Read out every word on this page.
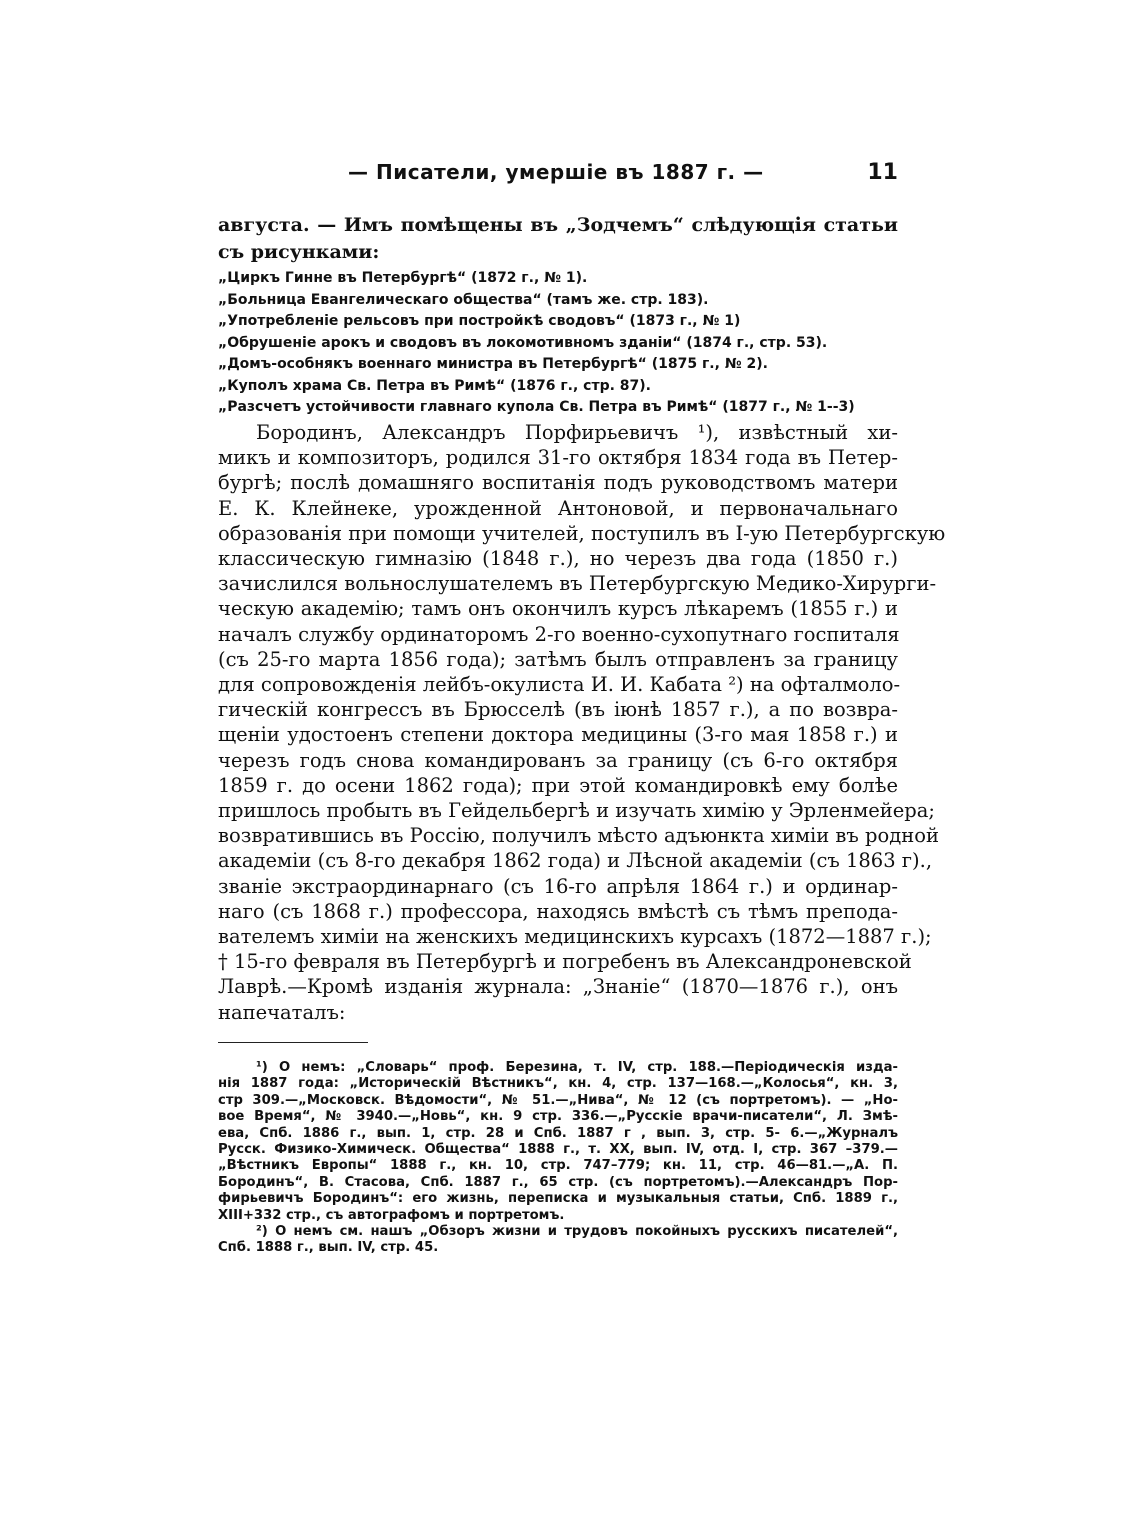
— Писатели, умершіе въ 1887 г. —	11

августа. — Имъ помѣщены въ „Зодчемъ“ слѣдующія статьи съ рисунками:

„Циркъ Гинне въ Петербургѣ“ (1872 г., № 1).
„Больница Евангелическаго общества“ (тамъ же. стр. 183).
„Употребленіе рельсовъ при постройкѣ сводовъ“ (1873 г., № 1)
„Обрушеніе арокъ и сводовъ въ локомотивномъ зданіи“ (1874 г., стр. 53).
„Домъ-особнякъ военнаго министра въ Петербургѣ“ (1875 г., № 2).
„Куполъ храма Св. Петра въ Римѣ“ (1876 г., стр. 87).
„Разсчетъ устойчивости главнаго купола Св. Петра въ Римѣ“ (1877 г., № 1--3)
Бородинъ, Александръ Порфирьевичъ ¹), извѣстный хи-
микъ и композиторъ, родился 31-го октября 1834 года въ Петер-
бургѣ; послѣ домашняго воспитанія подъ руководствомъ матери
Е. К. Клейнеке, урожденной Антоновой, и первоначальнаго
образованія при помощи учителей, поступилъ въ I-ую Петербургскую
классическую гимназію (1848 г.), но черезъ два года (1850 г.)
зачислился вольнослушателемъ въ Петербургскую Медико-Хирурги-
ческую академію; тамъ онъ окончилъ курсъ лѣкаремъ (1855 г.) и
началъ службу ординаторомъ 2-го военно-сухопутнаго госпиталя
(съ 25-го марта 1856 года); затѣмъ былъ отправленъ за границу
для сопровожденія лейбъ-окулиста И. И. Кабата ²) на офталмоло-
гическій конгрессъ въ Брюсселѣ (въ іюнѣ 1857 г.), а по возвра-
щеніи удостоенъ степени доктора медицины (3-го мая 1858 г.) и
черезъ годъ снова командированъ за границу (съ 6-го октября
1859 г. до осени 1862 года); при этой командировкѣ ему болѣе
пришлось пробыть въ Гейдельбергѣ и изучать химію у Эрленмейера;
возвратившись въ Россію, получилъ мѣсто адъюнкта химіи въ родной
академіи (съ 8-го декабря 1862 года) и Лѣсной академіи (съ 1863 г).,
званіе экстраординарнаго (съ 16-го апрѣля 1864 г.) и ординар-
наго (съ 1868 г.) профессора, находясь вмѣстѣ съ тѣмъ препода-
вателемъ химіи на женскихъ медицинскихъ курсахъ (1872—1887 г.);
† 15-го февраля въ Петербургѣ и погребенъ въ Александроневской
Лаврѣ.—Кромѣ изданія журнала: „Знаніе“ (1870—1876 г.), онъ
напечаталъ:
¹) О немъ: „Словарь“ проф. Березина, т. IV, стр. 188.—Періодическія изда-
нія 1887 года: „Историческій Вѣстникъ“, кн. 4, стр. 137—168.—„Колосья“, кн. 3,
стр 309.—„Московск. Вѣдомости“, № 51.—„Нива“, № 12 (съ портретомъ). — „Но-
вое Время“, № 3940.—„Новь“, кн. 9 стр. 336.—„Русскіе врачи-писатели“, Л. Змѣ-
ева, Спб. 1886 г., вып. 1, стр. 28 и Спб. 1887 г , вып. 3, стр. 5- 6.—„Журналъ
Русск. Физико-Химическ. Общества“ 1888 г., т. XX, вып. IV, отд. I, стр. 367 –379.—
„Вѣстникъ Европы“ 1888 г., кн. 10, стр. 747–779; кн. 11, стр. 46—81.—„А. П.
Бородинъ“, В. Стасова, Спб. 1887 г., 65 стр. (съ портретомъ).—Александръ Пор-
фирьевичъ Бородинъ“: его жизнь, переписка и музыкальныя статьи, Спб. 1889 г.,
XIII+332 стр., съ автографомъ и портретомъ.
²) О немъ см. нашъ „Обзоръ жизни и трудовъ покойныхъ русскихъ писателей“,
Спб. 1888 г., вып. IV, стр. 45.
